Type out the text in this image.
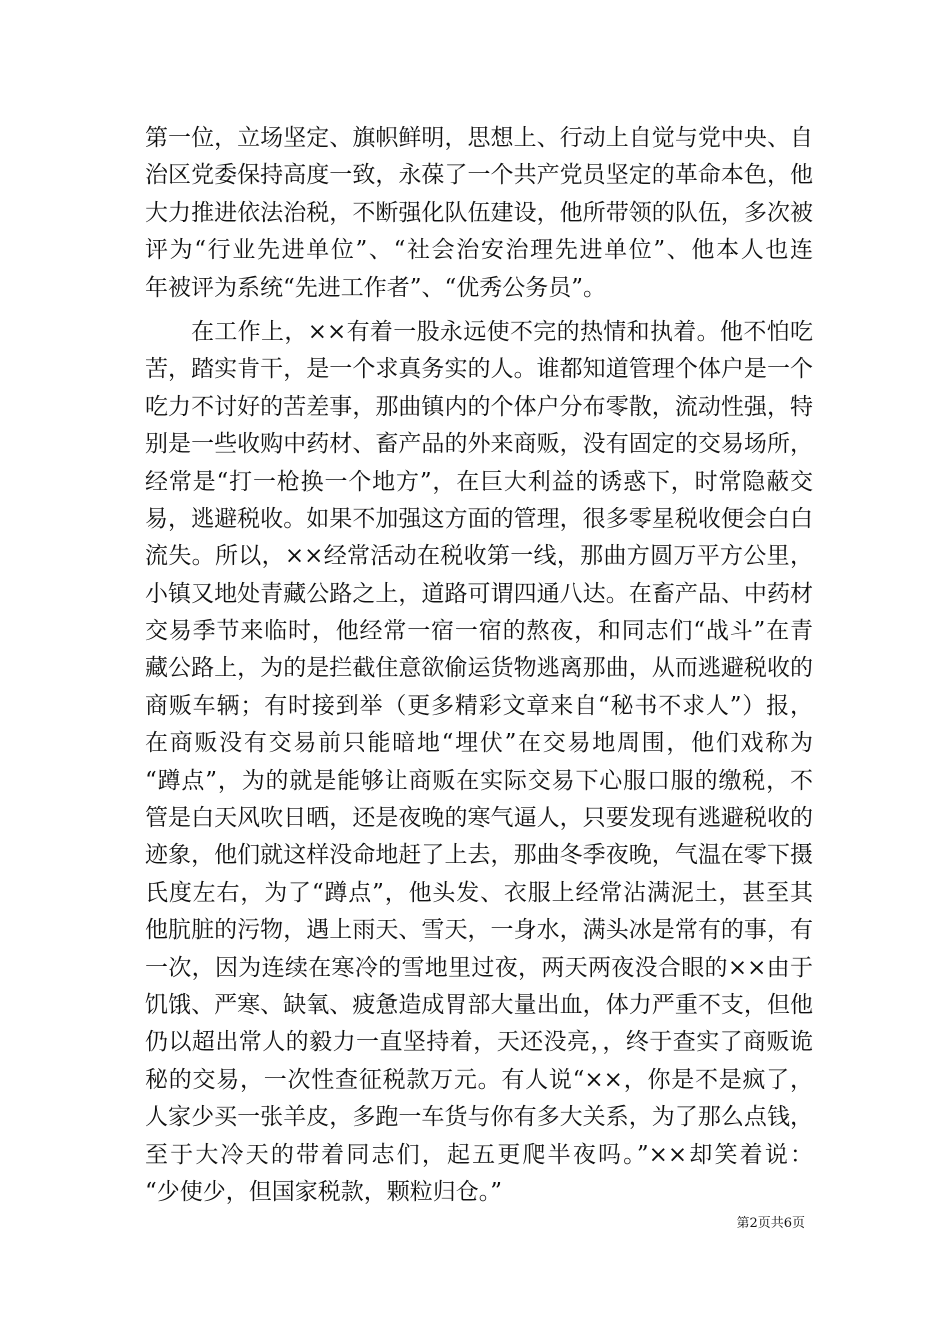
第一位，立场坚定、旗帜鲜明，思想上、行动上自觉与党中央、自
治区党委保持高度一致，永葆了一个共产党员坚定的革命本色，他
大力推进依法治税，不断强化队伍建设，他所带领的队伍，多次被
评为“行业先进单位”、“社会治安治理先进单位”、他本人也连
年被评为系统“先进工作者”、“优秀公务员”。
在工作上，××有着一股永远使不完的热情和执着。他不怕吃
苦，踏实肯干，是一个求真务实的人。谁都知道管理个体户是一个
吃力不讨好的苦差事，那曲镇内的个体户分布零散，流动性强，特
别是一些收购中药材、畜产品的外来商贩，没有固定的交易场所，
经常是“打一枪换一个地方”，在巨大利益的诱惑下，时常隐蔽交
易，逃避税收。如果不加强这方面的管理，很多零星税收便会白白
流失。所以，××经常活动在税收第一线，那曲方圆万平方公里，
小镇又地处青藏公路之上，道路可谓四通八达。在畜产品、中药材
交易季节来临时，他经常一宿一宿的熬夜，和同志们“战斗”在青
藏公路上，为的是拦截住意欲偷运货物逃离那曲，从而逃避税收的
商贩车辆；有时接到举（更多精彩文章来自“秘书不求人”）报，
在商贩没有交易前只能暗地“埋伏”在交易地周围，他们戏称为
“蹲点”，为的就是能够让商贩在实际交易下心服口服的缴税，不
管是白天风吹日晒，还是夜晚的寒气逼人，只要发现有逃避税收的
迹象，他们就这样没命地赶了上去，那曲冬季夜晚，气温在零下摄
氏度左右，为了“蹲点”，他头发、衣服上经常沾满泥土，甚至其
他肮脏的污物，遇上雨天、雪天，一身水，满头冰是常有的事，有
一次，因为连续在寒冷的雪地里过夜，两天两夜没合眼的××由于
饥饿、严寒、缺氧、疲惫造成胃部大量出血，体力严重不支，但他
仍以超出常人的毅力一直坚持着，天还没亮，，终于查实了商贩诡
秘的交易，一次性查征税款万元。有人说“××，你是不是疯了，
人家少买一张羊皮，多跑一车货与你有多大关系，为了那么点钱，
至于大冷天的带着同志们，起五更爬半夜吗。”××却笑着说：
“少使少，但国家税款，颗粒归仓。”
第2页共6页
